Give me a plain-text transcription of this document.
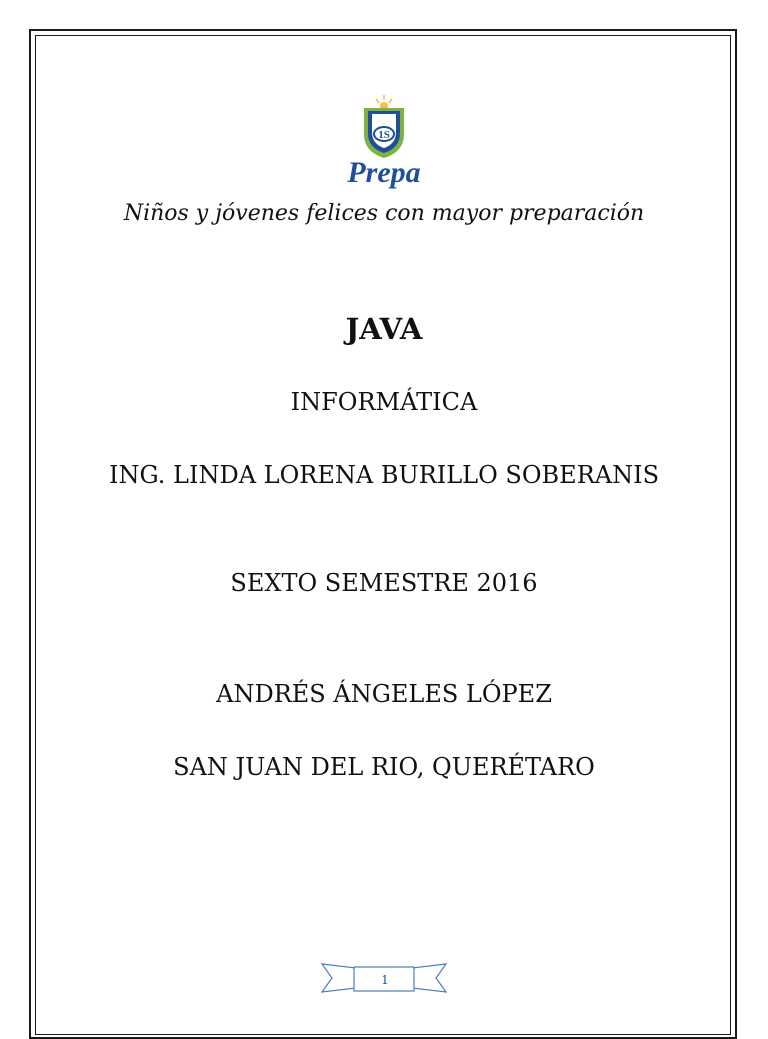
1S
Prepa
Niños y jóvenes felices con mayor preparación
JAVA
INFORMÁTICA
ING. LINDA LORENA BURILLO SOBERANIS
SEXTO SEMESTRE 2016
ANDRÉS ÁNGELES LÓPEZ
SAN JUAN DEL RIO, QUERÉTARO
1
